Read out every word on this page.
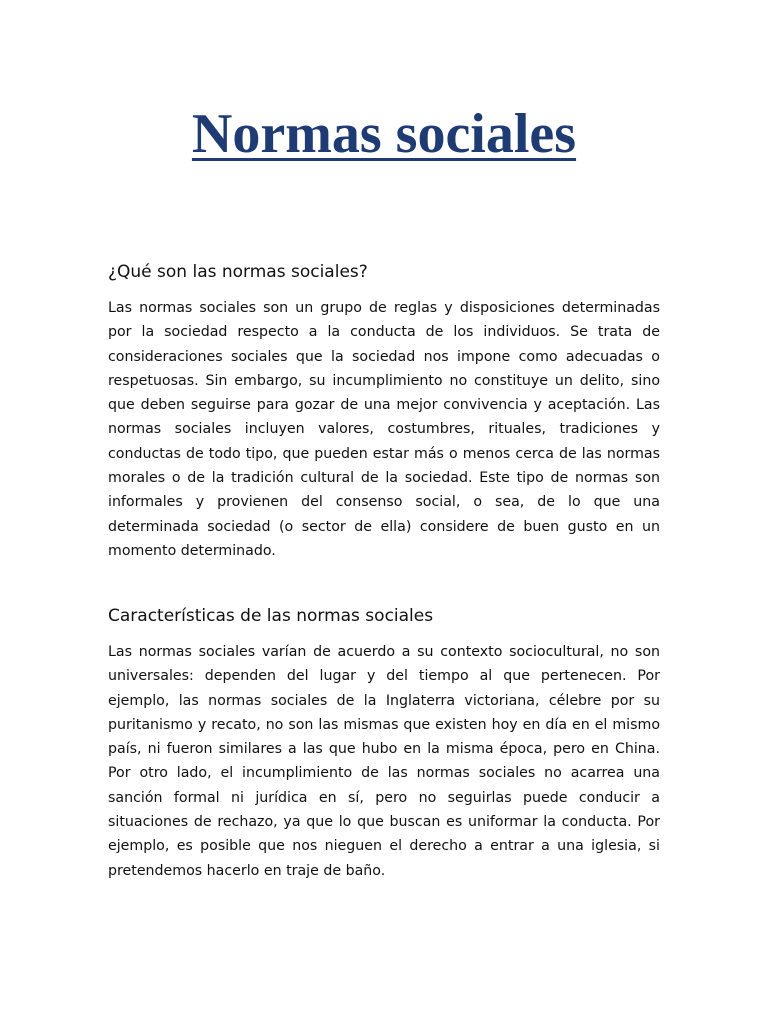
Normas sociales
¿Qué son las normas sociales?

Las normas sociales son un grupo de reglas y disposiciones determinadas por la sociedad respecto a la conducta de los individuos. Se trata de consideraciones sociales que la sociedad nos impone como adecuadas o respetuosas. Sin embargo, su incumplimiento no constituye un delito, sino que deben seguirse para gozar de una mejor convivencia y aceptación. Las normas sociales incluyen valores, costumbres, rituales, tradiciones y conductas de todo tipo, que pueden estar más o menos cerca de las normas morales o de la tradición cultural de la sociedad. Este tipo de normas son informales y provienen del consenso social, o sea, de lo que una determinada sociedad (o sector de ella) considere de buen gusto en un momento determinado.

Características de las normas sociales

Las normas sociales varían de acuerdo a su contexto sociocultural, no son universales: dependen del lugar y del tiempo al que pertenecen. Por ejemplo, las normas sociales de la Inglaterra victoriana, célebre por su puritanismo y recato, no son las mismas que existen hoy en día en el mismo país, ni fueron similares a las que hubo en la misma época, pero en China. Por otro lado, el incumplimiento de las normas sociales no acarrea una sanción formal ni jurídica en sí, pero no seguirlas puede conducir a situaciones de rechazo, ya que lo que buscan es uniformar la conducta. Por ejemplo, es posible que nos nieguen el derecho a entrar a una iglesia, si pretendemos hacerlo en traje de baño.
